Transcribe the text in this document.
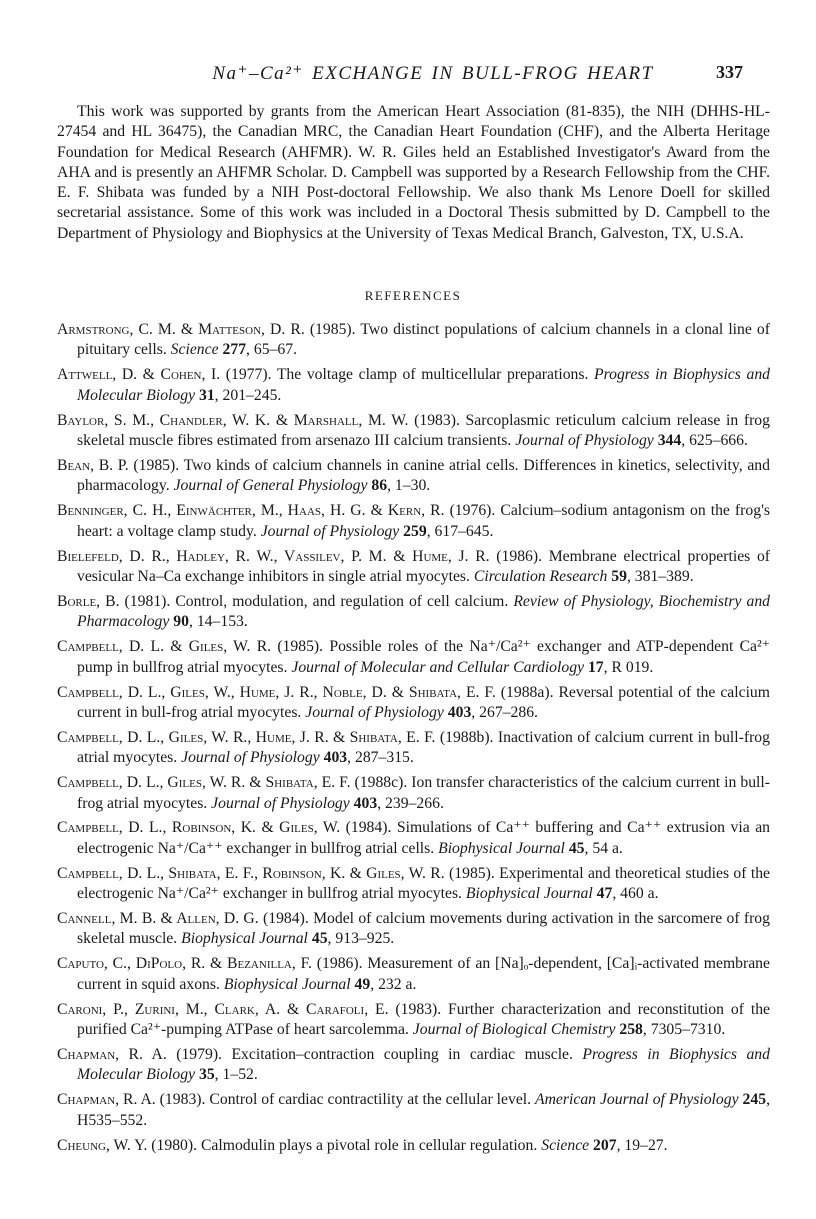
Na⁺–Ca²⁺ EXCHANGE IN BULL-FROG HEART	337

This work was supported by grants from the American Heart Association (81-835), the NIH (DHHS-HL-27454 and HL 36475), the Canadian MRC, the Canadian Heart Foundation (CHF), and the Alberta Heritage Foundation for Medical Research (AHFMR). W. R. Giles held an Established Investigator's Award from the AHA and is presently an AHFMR Scholar. D. Campbell was supported by a Research Fellowship from the CHF. E. F. Shibata was funded by a NIH Post-doctoral Fellowship. We also thank Ms Lenore Doell for skilled secretarial assistance. Some of this work was included in a Doctoral Thesis submitted by D. Campbell to the Department of Physiology and Biophysics at the University of Texas Medical Branch, Galveston, TX, U.S.A.

REFERENCES
Armstrong, C. M. & Matteson, D. R. (1985). Two distinct populations of calcium channels in a clonal line of pituitary cells. Science 277, 65–67.
Attwell, D. & Cohen, I. (1977). The voltage clamp of multicellular preparations. Progress in Biophysics and Molecular Biology 31, 201–245.
Baylor, S. M., Chandler, W. K. & Marshall, M. W. (1983). Sarcoplasmic reticulum calcium release in frog skeletal muscle fibres estimated from arsenazo III calcium transients. Journal of Physiology 344, 625–666.
Bean, B. P. (1985). Two kinds of calcium channels in canine atrial cells. Differences in kinetics, selectivity, and pharmacology. Journal of General Physiology 86, 1–30.
Benninger, C. H., Einwächter, M., Haas, H. G. & Kern, R. (1976). Calcium–sodium antagonism on the frog's heart: a voltage clamp study. Journal of Physiology 259, 617–645.
Bielefeld, D. R., Hadley, R. W., Vassilev, P. M. & Hume, J. R. (1986). Membrane electrical properties of vesicular Na–Ca exchange inhibitors in single atrial myocytes. Circulation Research 59, 381–389.
Borle, B. (1981). Control, modulation, and regulation of cell calcium. Review of Physiology, Biochemistry and Pharmacology 90, 14–153.
Campbell, D. L. & Giles, W. R. (1985). Possible roles of the Na⁺/Ca²⁺ exchanger and ATP-dependent Ca²⁺ pump in bullfrog atrial myocytes. Journal of Molecular and Cellular Cardiology 17, R 019.
Campbell, D. L., Giles, W., Hume, J. R., Noble, D. & Shibata, E. F. (1988a). Reversal potential of the calcium current in bull-frog atrial myocytes. Journal of Physiology 403, 267–286.
Campbell, D. L., Giles, W. R., Hume, J. R. & Shibata, E. F. (1988b). Inactivation of calcium current in bull-frog atrial myocytes. Journal of Physiology 403, 287–315.
Campbell, D. L., Giles, W. R. & Shibata, E. F. (1988c). Ion transfer characteristics of the calcium current in bull-frog atrial myocytes. Journal of Physiology 403, 239–266.
Campbell, D. L., Robinson, K. & Giles, W. (1984). Simulations of Ca⁺⁺ buffering and Ca⁺⁺ extrusion via an electrogenic Na⁺/Ca⁺⁺ exchanger in bullfrog atrial cells. Biophysical Journal 45, 54 a.
Campbell, D. L., Shibata, E. F., Robinson, K. & Giles, W. R. (1985). Experimental and theoretical studies of the electrogenic Na⁺/Ca²⁺ exchanger in bullfrog atrial myocytes. Biophysical Journal 47, 460 a.
Cannell, M. B. & Allen, D. G. (1984). Model of calcium movements during activation in the sarcomere of frog skeletal muscle. Biophysical Journal 45, 913–925.
Caputo, C., DiPolo, R. & Bezanilla, F. (1986). Measurement of an [Na]ₒ-dependent, [Ca]ᵢ-activated membrane current in squid axons. Biophysical Journal 49, 232 a.
Caroni, P., Zurini, M., Clark, A. & Carafoli, E. (1983). Further characterization and reconstitution of the purified Ca²⁺-pumping ATPase of heart sarcolemma. Journal of Biological Chemistry 258, 7305–7310.
Chapman, R. A. (1979). Excitation–contraction coupling in cardiac muscle. Progress in Biophysics and Molecular Biology 35, 1–52.
Chapman, R. A. (1983). Control of cardiac contractility at the cellular level. American Journal of Physiology 245, H535–552.
Cheung, W. Y. (1980). Calmodulin plays a pivotal role in cellular regulation. Science 207, 19–27.
